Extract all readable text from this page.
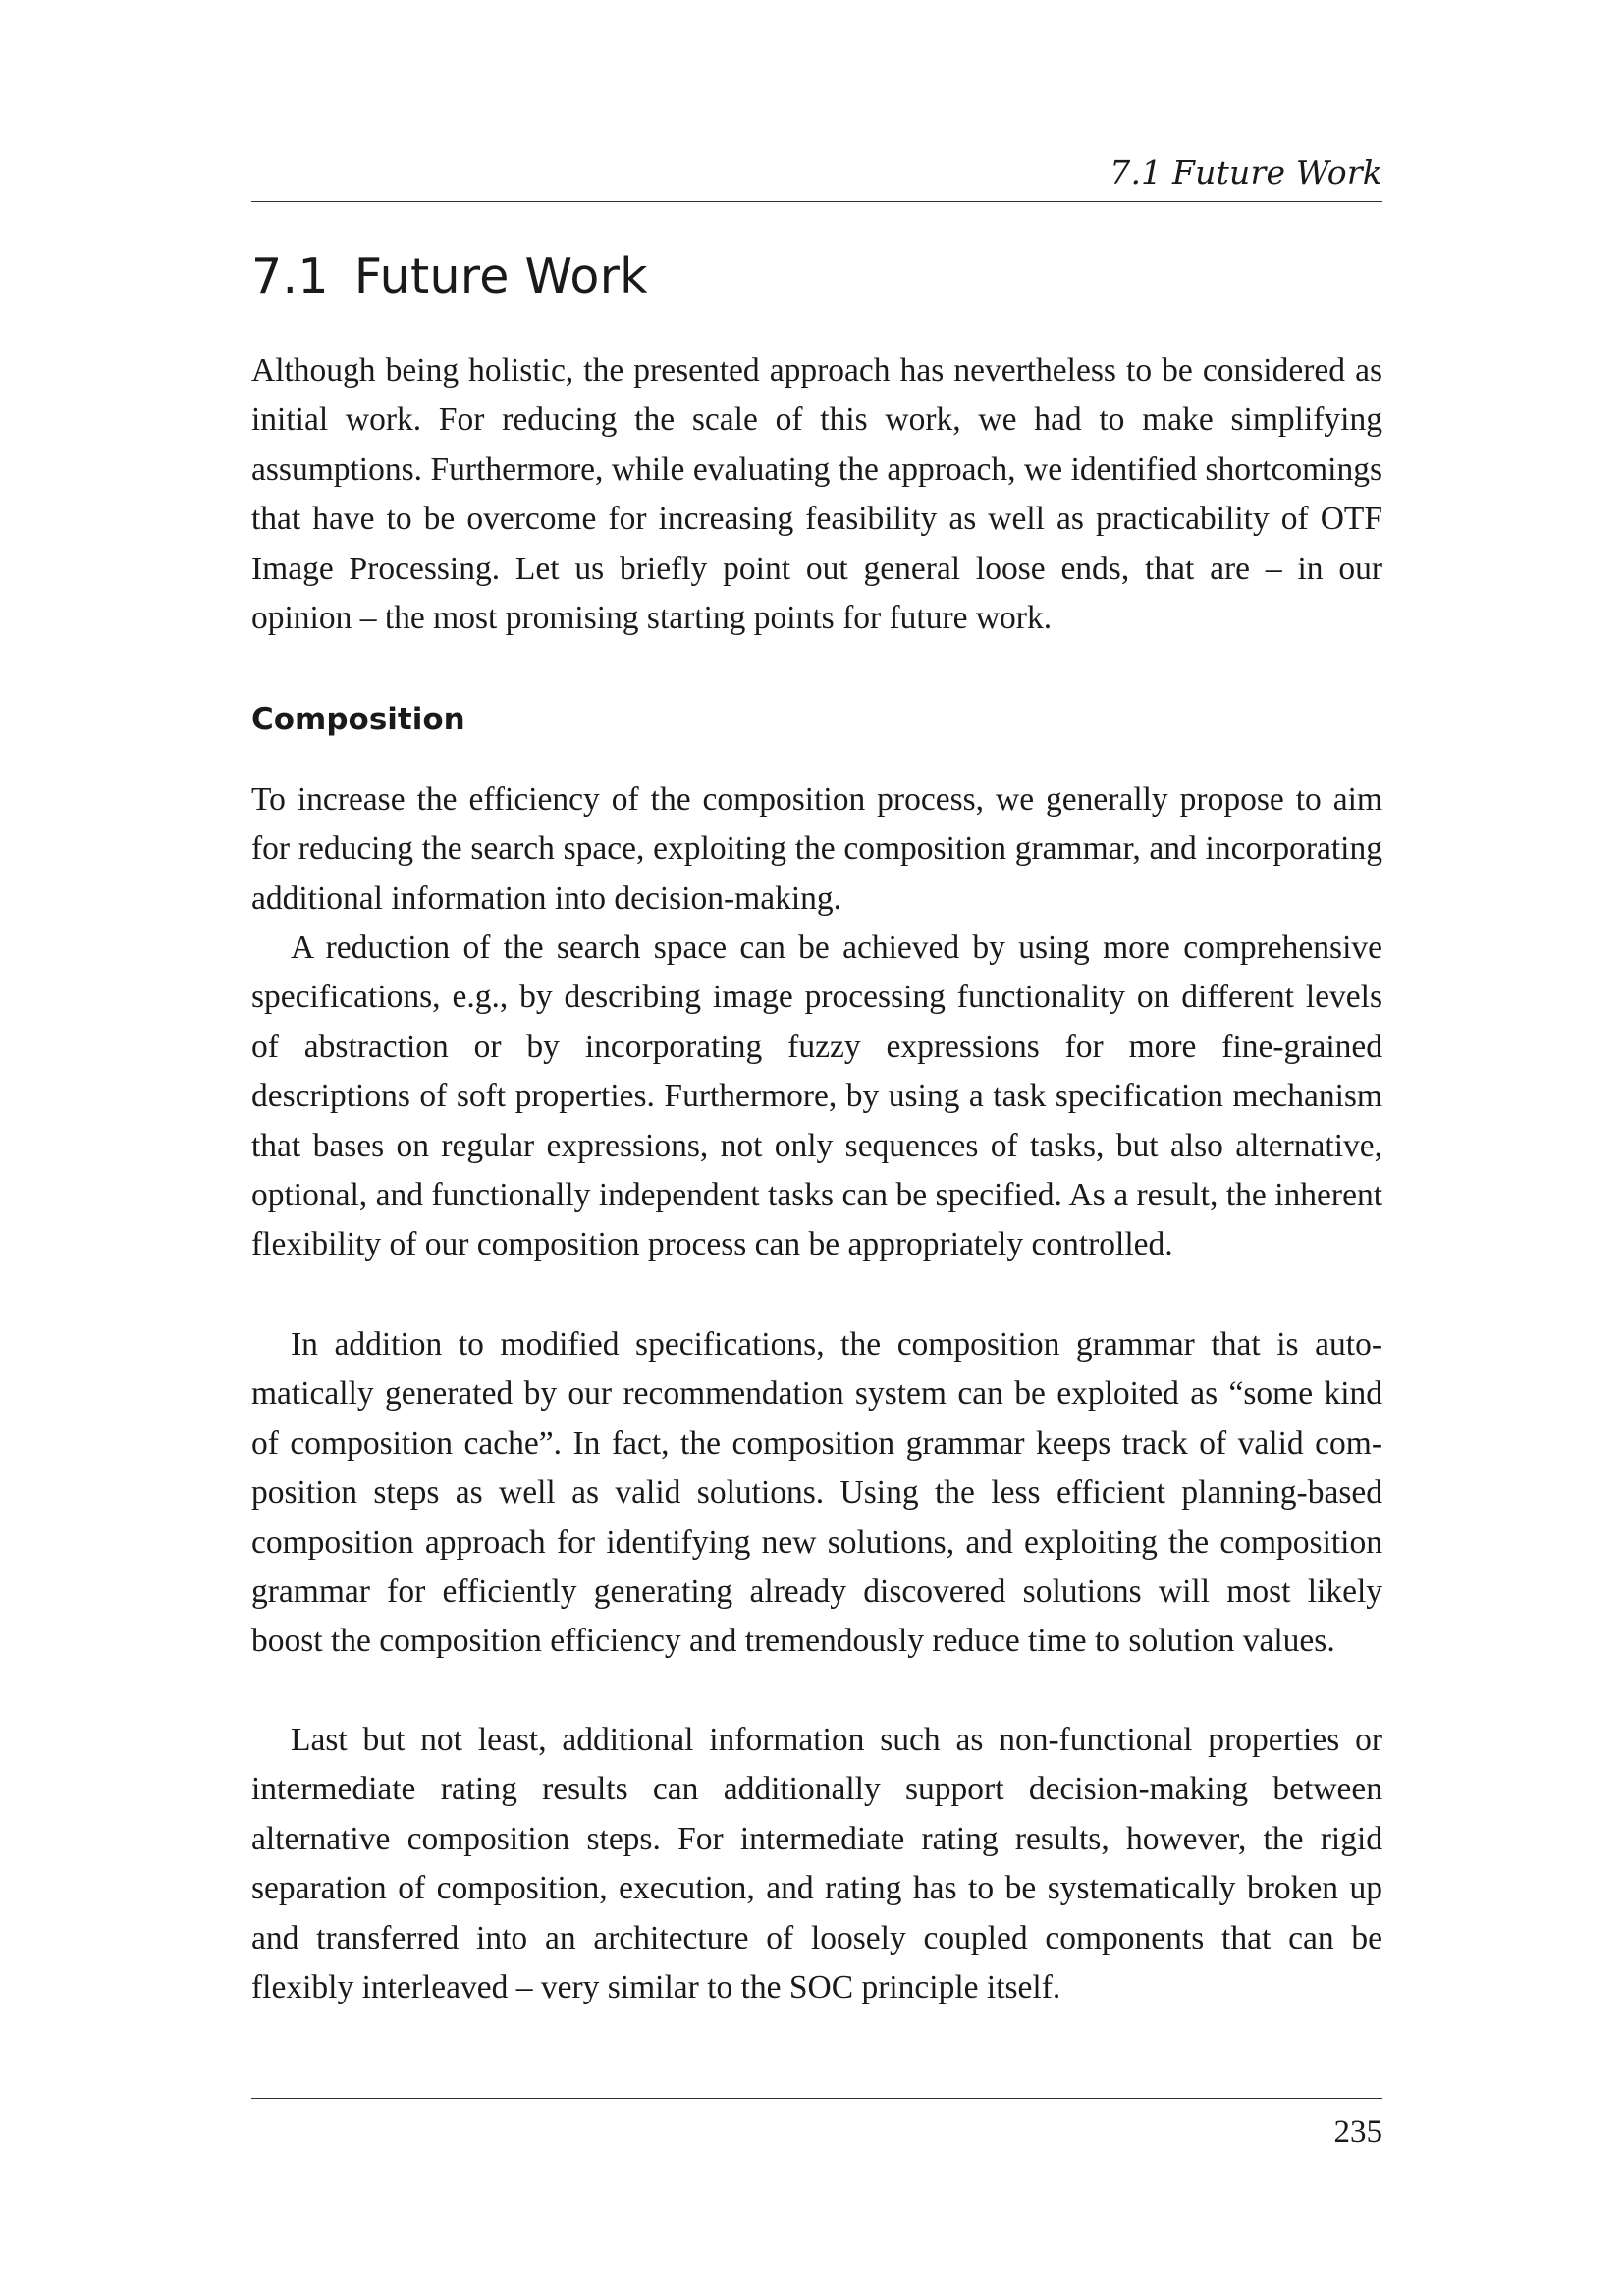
7.1 Future Work
7.1 Future Work

Although being holistic, the presented approach has nevertheless to be considered as initial work. For reducing the scale of this work, we had to make simplifying assumptions. Furthermore, while evaluating the approach, we identified shortcomings that have to be overcome for increasing feasibility as well as practicability of OTF Image Processing. Let us briefly point out general loose ends, that are – in our opinion – the most promising starting points for future work.

Composition

To increase the efficiency of the composition process, we generally propose to aim for reducing the search space, exploiting the composition grammar, and incorporating additional information into decision-making.

A reduction of the search space can be achieved by using more comprehensive specifications, e.g., by describing image processing functionality on different levels of abstraction or by incorporating fuzzy expressions for more fine-grained descriptions of soft properties. Furthermore, by using a task specification mechanism that bases on regular expressions, not only sequences of tasks, but also alternative, optional, and functionally independent tasks can be specified. As a result, the inherent flexibility of our composition process can be appropriately controlled.

In addition to modified specifications, the composition grammar that is automatically generated by our recommendation system can be exploited as “some kind of composition cache”. In fact, the composition grammar keeps track of valid composition steps as well as valid solutions. Using the less efficient planning-based composition approach for identifying new solutions, and exploiting the composition grammar for efficiently generating already discovered solutions will most likely boost the composition efficiency and tremendously reduce time to solution values.

Last but not least, additional information such as non-functional properties or intermediate rating results can additionally support decision-making between alternative composition steps. For intermediate rating results, however, the rigid separation of composition, execution, and rating has to be systematically broken up and transferred into an architecture of loosely coupled components that can be flexibly interleaved – very similar to the SOC principle itself.

235
